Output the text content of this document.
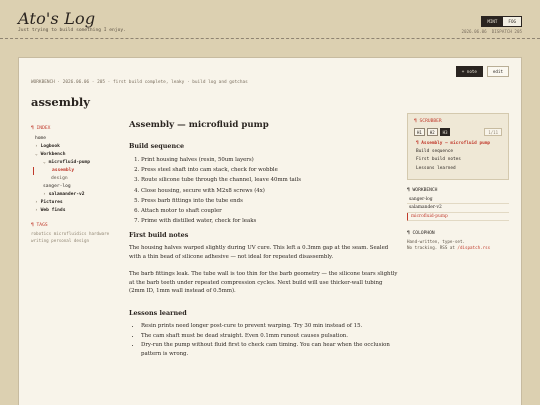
Ato's Log
Just trying to build something I enjoy.
MINT	FOG
2026.06.06 DISPATCH 205
+ note	edit
WORKBENCH · 2026.06.06 · 205 · first build complete, leaky · build log and gotchas
assembly
¶ INDEX
home
› Logbook
⌄ Workbench
⌄ microfluid-pump
assembly
design
sanger-log
› salamander-v2
› Pictures
› Web finds
¶ TAGS
robotics microfluidics hardware writing personal design
Assembly — microfluid pump
Build sequence
1. Print housing halves (resin, 50um layers)
2. Press steel shaft into cam stack, check for wobble
3. Route silicone tube through the channel, leave 40mm tails
4. Close housing, secure with M2x8 screws (4x)
5. Press barb fittings into the tube ends
6. Attach motor to shaft coupler
7. Prime with distilled water, check for leaks
First build notes

The housing halves warped slightly during UV cure. This left a 0.3mm gap at the seam. Sealed with a thin bead of silicone adhesive — not ideal for repeated disassembly.

The barb fittings leak. The tube wall is too thin for the barb geometry — the silicone tears slightly at the barb teeth under repeated compression cycles. Next build will use thicker-wall tubing (2mm ID, 1mm wall instead of 0.5mm).

Lessons learned
• Resin prints need longer post-cure to prevent warping. Try 30 min instead of 15.
• The cam shaft must be dead straight. Even 0.1mm runout causes pulsation.
• Dry-run the pump without fluid first to check cam timing. You can hear when the occlusion pattern is wrong.
¶ SCRUBBER
H1	H2	H3	1/11
¶ Assembly — microfluid pump
Build sequence
First build notes
Lessons learned
¶ WORKBENCH
sanger-log
salamander-v2
microfluid-pump
¶ COLOPHON
Hand-written, type-set.
No tracking. RSS at /dispatch.rss
